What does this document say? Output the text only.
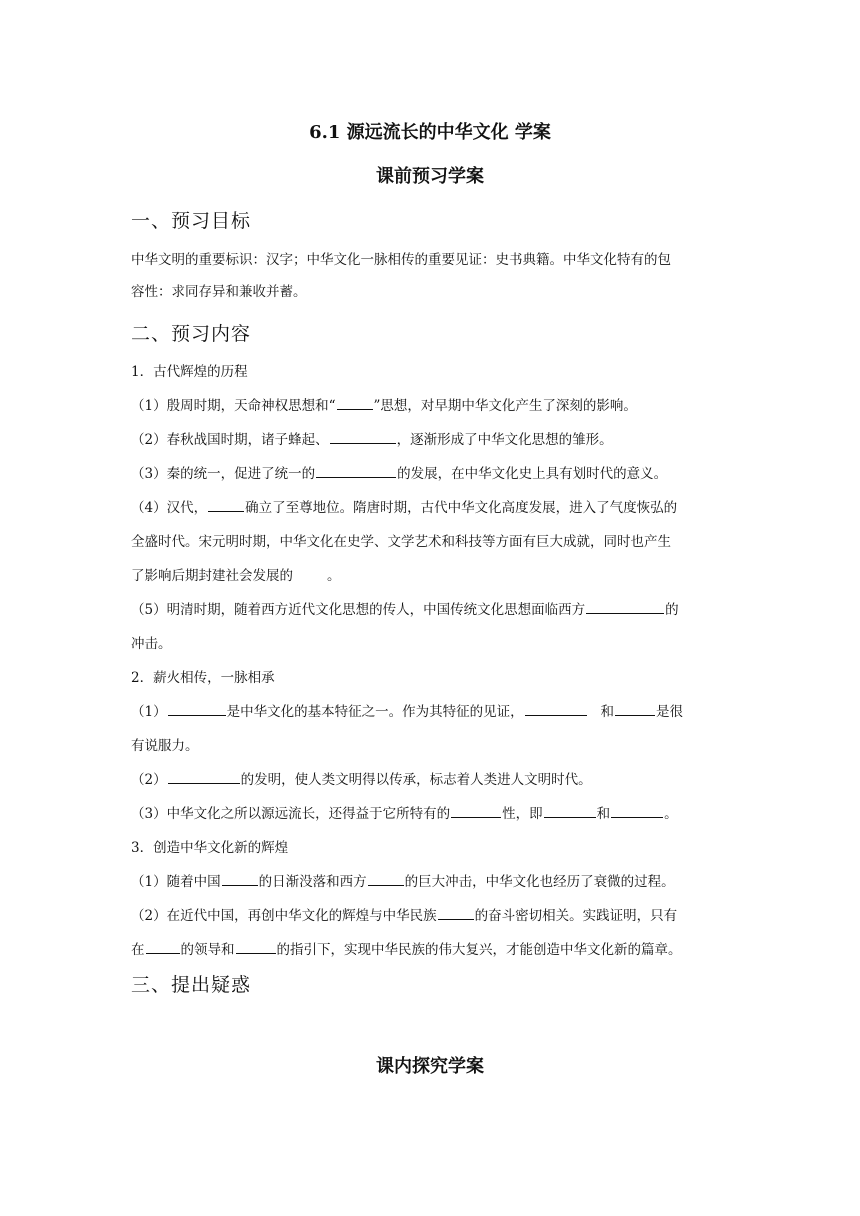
6.1 源远流长的中华文化 学案
课前预习学案
一、预习目标
中华文明的重要标识：汉字；中华文化一脉相传的重要见证：史书典籍。中华文化特有的包
容性：求同存异和兼收并蓄。
二、预习内容
1．古代辉煌的历程
（1）殷周时期，天命神权思想和“	”思想，对早期中华文化产生了深刻的影响。
（2）春秋战国时期，诸子蜂起、	，逐渐形成了中华文化思想的雏形。
（3）秦的统一，促进了统一的	的发展，在中华文化史上具有划时代的意义。
（4）汉代，	确立了至尊地位。隋唐时期，古代中华文化高度发展，进入了气度恢弘的
全盛时代。宋元明时期，中华文化在史学、文学艺术和科技等方面有巨大成就，同时也产生
了影响后期封建社会发展的	。
（5）明清时期，随着西方近代文化思想的传人，中国传统文化思想面临西方	的
冲击。
2．薪火相传，一脉相承
（1）	是中华文化的基本特征之一。作为其特征的见证，	和	是很
有说服力。
（2）	的发明，使人类文明得以传承，标志着人类进人文明时代。
（3）中华文化之所以源远流长，还得益于它所特有的	性，即	和	。
3．创造中华文化新的辉煌
（1）随着中国	的日渐没落和西方	的巨大冲击，中华文化也经历了衰微的过程。
（2）在近代中国，再创中华文化的辉煌与中华民族	的奋斗密切相关。实践证明，只有
在	的领导和	的指引下，实现中华民族的伟大复兴，才能创造中华文化新的篇章。
三、提出疑惑
课内探究学案
